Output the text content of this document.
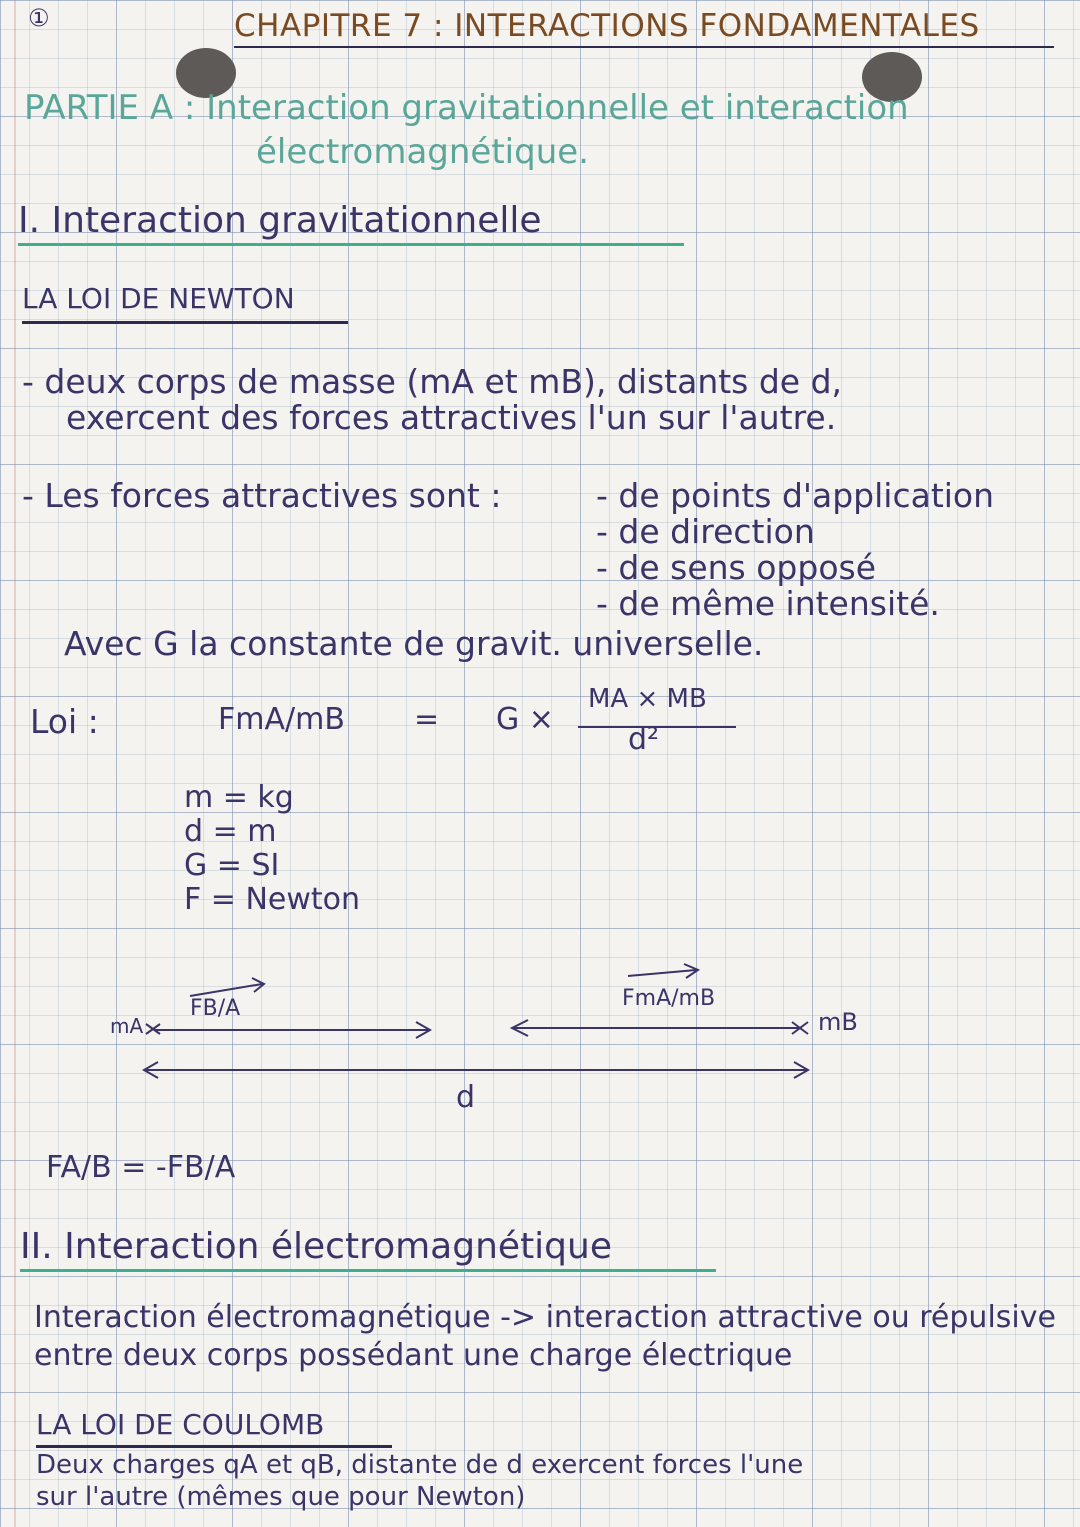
①	CHAPITRE 7 : INTERACTIONS FONDAMENTALES
PARTIE A : Interaction gravitationnelle et interaction
électromagnétique.
I. Interaction gravitationnelle
LA LOI DE NEWTON
- deux corps de masse (mA et mB), distants de d,
exercent des forces attractives l'un sur l'autre.
- Les forces attractives sont :	- de points d'application
- de direction
- de sens opposé
- de même intensité.
Avec G la constante de gravit. universelle.
Loi :	FmA/mB = G ×
MA × MB
d²
m = kg
d = m
G = SI
F = Newton
FB/A	FmA/mB
mA	mB
d
FA/B = -FB/A
II. Interaction électromagnétique
Interaction électromagnétique -> interaction attractive ou répulsive
entre deux corps possédant une charge électrique
LA LOI DE COULOMB
Deux charges qA et qB, distante de d exercent forces l'une
sur l'autre (mêmes que pour Newton)
